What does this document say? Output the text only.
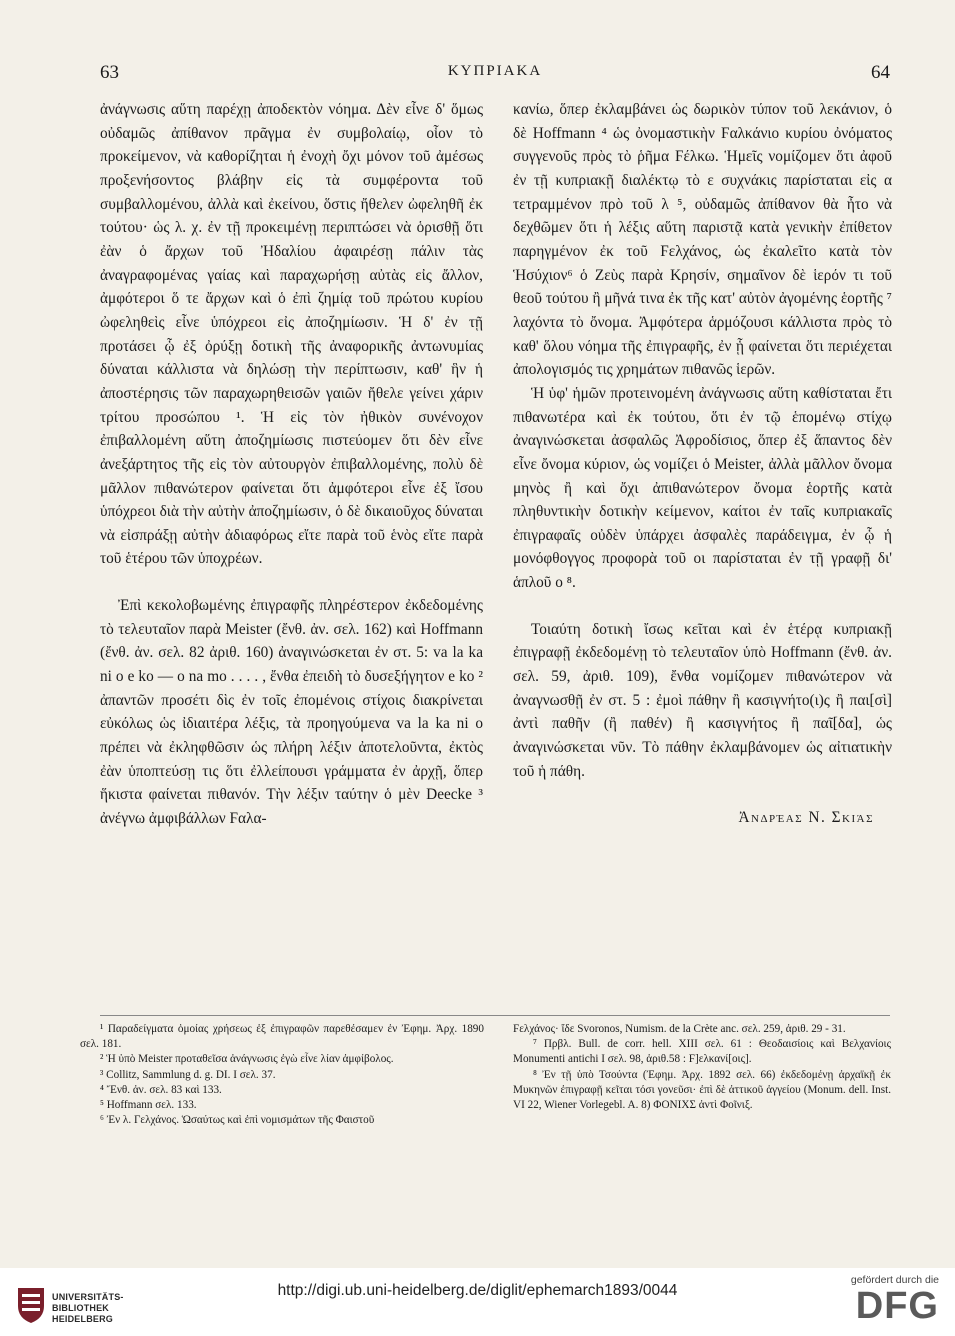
63	ΚΥΠΡΙΑΚΑ	64

ἀνάγνωσις αὕτη παρέχῃ ἀποδεκτὸν νόημα. Δὲν εἶνε δ' ὅμως οὐδαμῶς ἀπίθανον πρᾶγμα ἐν συμβολαίῳ, οἷον τὸ προκείμενον, νὰ καθορίζηται ἡ ἐνοχὴ ὄχι μόνον τοῦ ἀμέσως προξενήσοντος βλάβην εἰς τὰ συμφέροντα τοῦ συμβαλλομένου, ἀλλὰ καὶ ἐκείνου, ὅστις ἤθελεν ὠφεληθῆ ἐκ τούτου· ὡς λ. χ. ἐν τῇ προκειμένῃ περιπτώσει νὰ ὁρισθῇ ὅτι ἐὰν ὁ ἄρχων τοῦ Ἠδαλίου ἀφαιρέσῃ πάλιν τὰς ἀναγραφομένας γαίας καὶ παραχωρήσῃ αὐτὰς εἰς ἄλλον, ἀμφότεροι ὅ τε ἄρχων καὶ ὁ ἐπὶ ζημίᾳ τοῦ πρώτου κυρίου ὠφεληθεὶς εἶνε ὑπόχρεοι εἰς ἀποζημίωσιν. Ἡ δ' ἐν τῇ προτάσει ᾧ ἐξ ὀρύξῃ δοτικὴ τῆς ἀναφορικῆς ἀντωνυμίας δύναται κάλλιστα νὰ δηλώσῃ τὴν περίπτωσιν, καθ' ἣν ἡ ἀποστέρησις τῶν παραχωρηθεισῶν γαιῶν ἤθελε γείνει χάριν τρίτου προσώπου ¹. Ἡ εἰς τὸν ἠθικὸν συνένοχον ἐπιβαλλομένη αὕτη ἀποζημίωσις πιστεύομεν ὅτι δὲν εἶνε ἀνεξάρτητος τῆς εἰς τὸν αὐτουργὸν ἐπιβαλλομένης, πολὺ δὲ μᾶλλον πιθανώτερον φαίνεται ὅτι ἀμφότεροι εἶνε ἐξ ἴσου ὑπόχρεοι διὰ τὴν αὐτὴν ἀποζημίωσιν, ὁ δὲ δικαιοῦχος δύναται νὰ εἰσπράξῃ αὐτὴν ἀδιαφόρως εἴτε παρὰ τοῦ ἑνὸς εἴτε παρὰ τοῦ ἑτέρου τῶν ὑποχρέων.

Ἐπὶ κεκολοβωμένης ἐπιγραφῆς πληρέστερον ἐκδεδομένης τὸ τελευταῖον παρὰ Meister (ἔνθ. ἀν. σελ. 162) καὶ Hoffmann (ἔνθ. ἀν. σελ. 82 ἀριθ. 160) ἀναγινώσκεται ἐν στ. 5: va la ka ni o e ko — o na mo . . . . , ἔνθα ἐπειδὴ τὸ δυσεξήγητον e ko ² ἀπαντῶν προσέτι δὶς ἐν τοῖς ἐπομένοις στίχοις διακρίνεται εὐκόλως ὡς ἰδιαιτέρα λέξις, τὰ προηγούμενα va la ka ni o πρέπει νὰ ἐκληφθῶσιν ὡς πλήρη λέξιν ἀποτελοῦντα, ἐκτὸς ἐὰν ὑποπτεύσῃ τις ὅτι ἐλλείπουσι γράμματα ἐν ἀρχῇ, ὅπερ ἥκιστα φαίνεται πιθανόν. Τὴν λέξιν ταύτην ὁ μὲν Deecke ³ ἀνέγνω ἀμφιβάλλων Ϝαλα-

κανίω, ὅπερ ἐκλαμβάνει ὡς δωρικὸν τύπον τοῦ λεκάνιον, ὁ δὲ Hoffmann ⁴ ὡς ὀνομαστικὴν Ϝαλκάνιο κυρίου ὀνόματος συγγενοῦς πρὸς τὸ ῥῆμα Ϝέλκω. Ἡμεῖς νομίζομεν ὅτι ἀφοῦ ἐν τῇ κυπριακῇ διαλέκτῳ τὸ ε συχνάκις παρίσταται εἰς α τετραμμένον πρὸ τοῦ λ ⁵, οὐδαμῶς ἀπίθανον θὰ ἦτο νὰ δεχθῶμεν ὅτι ἡ λέξις αὕτη παριστᾷ κατὰ γενικὴν ἐπίθετον παρηγμένον ἐκ τοῦ Ϝελχάνος, ὡς ἐκαλεῖτο κατὰ τὸν Ἡσύχιον⁶ ὁ Ζεὺς παρὰ Κρησίν, σημαῖνον δὲ ἱερόν τι τοῦ θεοῦ τούτου ἢ μῆνά τινα ἐκ τῆς κατ' αὐτὸν ἀγομένης ἑορτῆς ⁷ λαχόντα τὸ ὄνομα. Ἀμφότερα ἁρμόζουσι κάλλιστα πρὸς τὸ καθ' ὅλου νόημα τῆς ἐπιγραφῆς, ἐν ᾗ φαίνεται ὅτι περιέχεται ἀπολογισμός τις χρημάτων πιθανῶς ἱερῶν.

Ἡ ὑφ' ἡμῶν προτεινομένη ἀνάγνωσις αὕτη καθίσταται ἔτι πιθανωτέρα καὶ ἐκ τούτου, ὅτι ἐν τῷ ἑπομένῳ στίχῳ ἀναγινώσκεται ἀσφαλῶς Ἀφροδίσιος, ὅπερ ἐξ ἅπαντος δὲν εἶνε ὄνομα κύριον, ὡς νομίζει ὁ Meister, ἀλλὰ μᾶλλον ὄνομα μηνὸς ἢ καὶ ὄχι ἀπιθανώτερον ὄνομα ἑορτῆς κατὰ πληθυντικὴν δοτικὴν κείμενον, καίτοι ἐν ταῖς κυπριακαῖς ἐπιγραφαῖς οὐδὲν ὑπάρχει ἀσφαλὲς παράδειγμα, ἐν ᾧ ἡ μονόφθογγος προφορὰ τοῦ οι παρίσταται ἐν τῇ γραφῇ δι' ἁπλοῦ ο ⁸.

Τοιαύτη δοτικὴ ἴσως κεῖται καὶ ἐν ἑτέρᾳ κυπριακῇ ἐπιγραφῇ ἐκδεδομένῃ τὸ τελευταῖον ὑπὸ Hoffmann (ἔνθ. ἀν. σελ. 59, ἀριθ. 109), ἔνθα νομίζομεν πιθανώτερον νὰ ἀναγνωσθῇ ἐν στ. 5 : ἐμοὶ πάθην ἢ κασιγνήτο(ι)ς ἢ παι[σὶ] ἀντὶ παθῆν (ἢ παθέν) ἢ κασιγνήτος ἢ παῖ[δα], ὡς ἀναγινώσκεται νῦν. Τὸ πάθην ἐκλαμβάνομεν ὡς αἰτιατικὴν τοῦ ἡ πάθη.

Ἀνδρέας Ν. Σκιάς

¹ Παραδείγματα ὁμοίας χρήσεως ἐξ ἐπιγραφῶν παρεθέσαμεν ἐν Ἐφημ. Ἀρχ. 1890 σελ. 181.

² Ἡ ὑπὸ Meister προταθεῖσα ἀνάγνωσις ἐγὼ εἶνε λίαν ἀμφίβολος.

³ Collitz, Sammlung d. g. DI. I σελ. 37.

⁴ Ἔνθ. ἀν. σελ. 83 καὶ 133.

⁵ Hoffmann σελ. 133.

⁶ Ἐν λ. Γελχάνος. Ὡσαύτως καὶ ἐπὶ νομισμάτων τῆς Φαιστοῦ

Ϝελχάνος· ἴδε Svoronos, Numism. de la Crète anc. σελ. 259, ἀριθ. 29 - 31.

⁷ Πρβλ. Bull. de corr. hell. XIII σελ. 61 : Θεοδαισίοις καὶ Βελχανίοις Monumenti antichi I σελ. 98, ἀριθ.58 : Ϝ]ελκανί[οις].

⁸ Ἐν τῇ ὑπὸ Τσούντα (Ἐφημ. Ἀρχ. 1892 σελ. 66) ἐκδεδομένῃ ἀρχαϊκῇ ἐκ Μυκηνῶν ἐπιγραφῇ κεῖται τόσι γονεῦσι· ἐπὶ δὲ ἀττικοῦ ἀγγείου (Monum. dell. Inst. VI 22, Wiener Vorlegebl. A. 8) ΦΟΝΙΧΣ ἀντὶ Φοῖνιξ.

UNIVERSITÄTS-
BIBLIOTHEK
HEIDELBERG
http://digi.ub.uni-heidelberg.de/diglit/ephemarch1893/0044
gefördert durch die
DFG
